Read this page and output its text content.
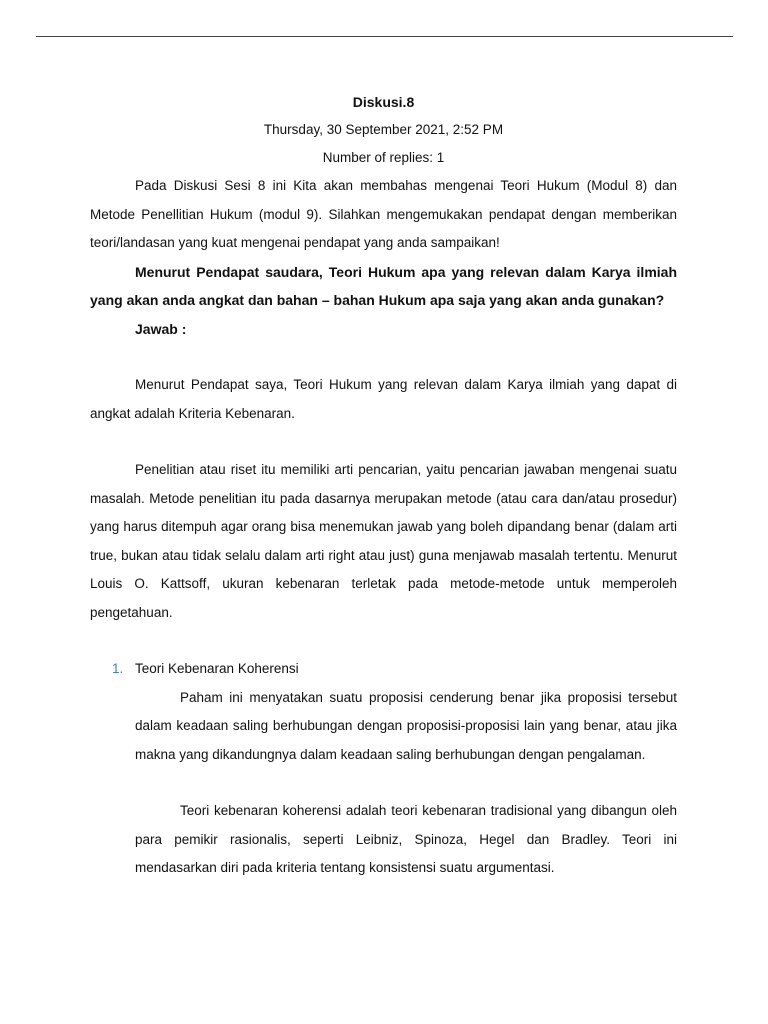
Diskusi.8

Thursday, 30 September 2021, 2:52 PM

Number of replies: 1

Pada Diskusi Sesi 8 ini Kita akan membahas mengenai Teori Hukum (Modul 8) dan Metode Penellitian Hukum (modul 9). Silahkan mengemukakan pendapat dengan memberikan teori/landasan yang kuat mengenai pendapat yang anda sampaikan!

Menurut Pendapat saudara, Teori Hukum apa yang relevan dalam Karya ilmiah yang akan anda angkat dan bahan – bahan Hukum apa saja yang akan anda gunakan?

Jawab :

Menurut Pendapat saya, Teori Hukum yang relevan dalam Karya ilmiah yang dapat di angkat adalah Kriteria Kebenaran.

Penelitian atau riset itu memiliki arti pencarian, yaitu pencarian jawaban mengenai suatu masalah. Metode penelitian itu pada dasarnya merupakan metode (atau cara dan/atau prosedur) yang harus ditempuh agar orang bisa menemukan jawab yang boleh dipandang benar (dalam arti true, bukan atau tidak selalu dalam arti right atau just) guna menjawab masalah tertentu. Menurut Louis O. Kattsoff, ukuran kebenaran terletak pada metode-metode untuk memperoleh pengetahuan.

1. Teori Kebenaran Koherensi

Paham ini menyatakan suatu proposisi cenderung benar jika proposisi tersebut dalam keadaan saling berhubungan dengan proposisi-proposisi lain yang benar, atau jika makna yang dikandungnya dalam keadaan saling berhubungan dengan pengalaman.

Teori kebenaran koherensi adalah teori kebenaran tradisional yang dibangun oleh para pemikir rasionalis, seperti Leibniz, Spinoza, Hegel dan Bradley. Teori ini mendasarkan diri pada kriteria tentang konsistensi suatu argumentasi.
